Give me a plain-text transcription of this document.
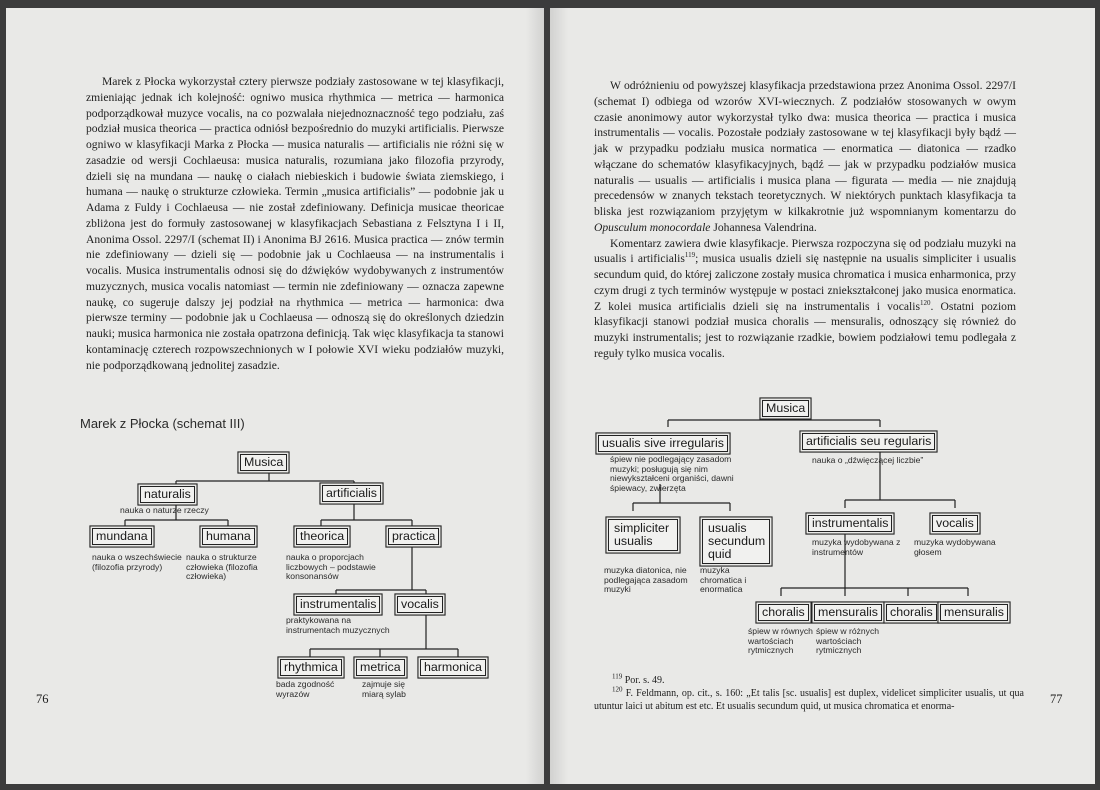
Marek z Płocka wykorzystał cztery pierwsze podziały zastosowane w tej klasyfikacji, zmieniając jednak ich kolejność: ogniwo musica rhythmica — metrica — harmonica podporządkował muzyce vocalis, na co pozwalała niejednoznaczność tego podziału, zaś podział musica theorica — practica odniósł bezpośrednio do muzyki artificialis. Pierwsze ogniwo w klasyfikacji Marka z Płocka — musica naturalis — artificialis nie różni się w zasadzie od wersji Cochlaeusa: musica naturalis, rozumiana jako filozofia przyrody, dzieli się na mundana — naukę o ciałach niebieskich i budowie świata ziemskiego, i humana — naukę o strukturze człowieka. Termin „musica artificialis” — podobnie jak u Adama z Fuldy i Cochlaeusa — nie został zdefiniowany. Definicja musicae theoricae zbliżona jest do formuły zastosowanej w klasyfikacjach Sebastiana z Felsztyna I i II, Anonima Ossol. 2297/I (schemat II) i Anonima BJ 2616. Musica practica — znów termin nie zdefiniowany — dzieli się — podobnie jak u Cochlaeusa — na instrumentalis i vocalis. Musica instrumentalis odnosi się do dźwięków wydobywanych z instrumentów muzycznych, musica vocalis natomiast — termin nie zdefiniowany — oznacza zapewne naukę, co sugeruje dalszy jej podział na rhythmica — metrica — harmonica: dwa pierwsze terminy — podobnie jak u Cochlaeusa — odnoszą się do określonych dziedzin nauki; musica harmonica nie została opatrzona definicją. Tak więc klasyfikacja ta stanowi kontaminację czterech rozpowszechnionych w I połowie XVI wieku podziałów muzyki, nie podporządkowaną jednolitej zasadzie.

Marek z Płocka (schemat III)
Musica
naturalis
nauka o naturze rzeczy
artificialis
mundana
nauka o wszechświecie (filozofia przyrody)
humana
nauka o strukturze człowieka (filozofia człowieka)
theorica
nauka o proporcjach liczbowych – podstawie konsonansów
practica
instrumentalis
praktykowana na instrumentach muzycznych
vocalis
rhythmica
bada zgodność wyrazów
metrica
zajmuje się miarą sylab
harmonica
76

W odróżnieniu od powyższej klasyfikacja przedstawiona przez Anonima Ossol. 2297/I (schemat I) odbiega od wzorów XVI-wiecznych. Z podziałów stosowanych w owym czasie anonimowy autor wykorzystał tylko dwa: musica theorica — practica i musica instrumentalis — vocalis. Pozostałe podziały zastosowane w tej klasyfikacji były bądź — jak w przypadku podziału musica normatica — enormatica — diatonica — rzadko włączane do schematów klasyfikacyjnych, bądź — jak w przypadku podziałów musica naturalis — usualis — artificialis i musica plana — figurata — media — nie znajdują precedensów w znanych tekstach teoretycznych. W niektórych punktach klasyfikacja ta bliska jest rozwiązaniom przyjętym w kilkakrotnie już wspomnianym komentarzu do Opusculum monocordale Johannesa Valendrina.

Komentarz zawiera dwie klasyfikacje. Pierwsza rozpoczyna się od podziału muzyki na usualis i artificialis$^{119}$; musica usualis dzieli się następnie na usualis simpliciter i usualis secundum quid, do której zaliczone zostały musica chromatica i musica enharmonica, przy czym drugi z tych terminów występuje w postaci zniekształconej jako musica enormatica. Z kolei musica artificialis dzieli się na instrumentalis i vocalis$^{120}$. Ostatni poziom klasyfikacji stanowi podział musica choralis — mensuralis, odnoszący się również do muzyki instrumentalis; jest to rozwiązanie rzadkie, bowiem podziałowi temu podlegała z reguły tylko musica vocalis.

Musica
usualis sive irregularis
śpiew nie podlegający zasadom muzyki; posługują się nim niewykształceni organiści, dawni śpiewacy, zwierzęta
artificialis seu regularis
nauka o „dźwięczącej liczbie”
simpliciter usualis
muzyka diatonica, nie podlegająca zasadom muzyki
usualis secundum quid
muzyka chromatica i enormatica
instrumentalis
muzyka wydobywana z instrumentów
vocalis
muzyka wydobywana głosem
choralis	mensuralis choralis mensuralis
śpiew w równych wartościach rytmicznych
śpiew w różnych wartościach rytmicznych

$^{119}$ Por. s. 49.

$^{120}$ F. Feldmann, op. cit., s. 160: „Et talis [sc. usualis] est duplex, videlicet simpliciter usualis, ut qua utuntur laici ut abitum est etc. Et usualis secundum quid, ut musica chromatica et enorma-

77
